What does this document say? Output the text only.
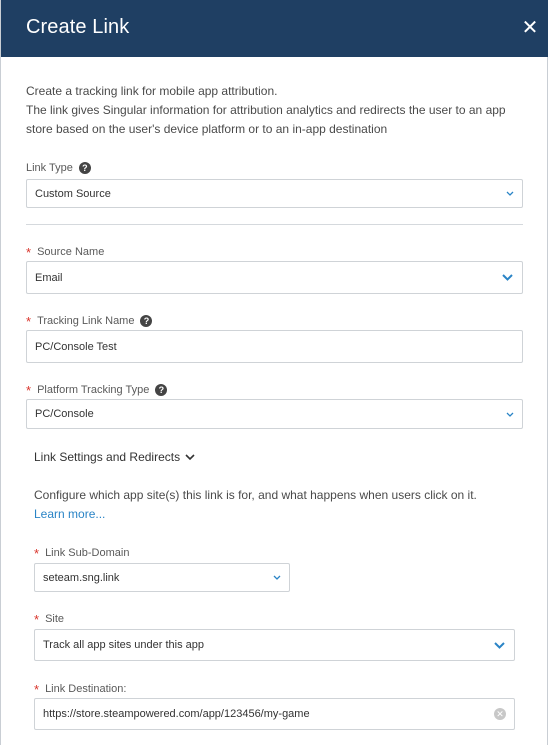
Create Link	✕

Create a tracking link for mobile app attribution.

The link gives Singular information for attribution analytics and redirects the user to an app store based on the user's device platform or to an in-app destination

Link Type	?
Custom Source
* Source Name
Email
* Tracking Link Name	?
PC/Console Test
* Platform Tracking Type	?
PC/Console
Link Settings and Redirects
Configure which app site(s) this link is for, and what happens when users click on it. Learn more...
* Link Sub-Domain
seteam.sng.link
* Site
Track all app sites under this app
* Link Destination:
https://store.steampowered.com/app/123456/my-game	✕
